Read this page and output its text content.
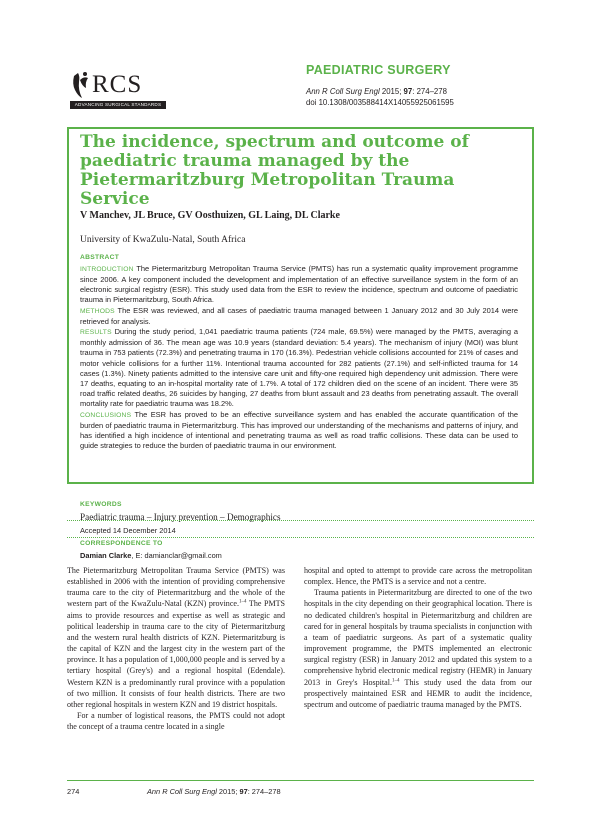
RCS
ADVANCING SURGICAL STANDARDS
PAEDIATRIC SURGERY
Ann R Coll Surg Engl 2015; 97: 274–278
doi 10.1308/003588414X14055925061595
The incidence, spectrum and outcome of paediatric trauma managed by the Pietermaritzburg Metropolitan Trauma Service
V Manchev, JL Bruce, GV Oosthuizen, GL Laing, DL Clarke
University of KwaZulu-Natal, South Africa
ABSTRACT

INTRODUCTION The Pietermaritzburg Metropolitan Trauma Service (PMTS) has run a systematic quality improvement programme since 2006. A key component included the development and implementation of an effective surveillance system in the form of an electronic surgical registry (ESR). This study used data from the ESR to review the incidence, spectrum and outcome of paediatric trauma in Pietermaritzburg, South Africa.

METHODS The ESR was reviewed, and all cases of paediatric trauma managed between 1 January 2012 and 30 July 2014 were retrieved for analysis.

RESULTS During the study period, 1,041 paediatric trauma patients (724 male, 69.5%) were managed by the PMTS, averaging a monthly admission of 36. The mean age was 10.9 years (standard deviation: 5.4 years). The mechanism of injury (MOI) was blunt trauma in 753 patients (72.3%) and penetrating trauma in 170 (16.3%). Pedestrian vehicle collisions accounted for 21% of cases and motor vehicle collisions for a further 11%. Intentional trauma accounted for 282 patients (27.1%) and self-inflicted trauma for 14 cases (1.3%). Ninety patients admitted to the intensive care unit and fifty-one required high dependency unit admission. There were 17 deaths, equating to an in-hospital mortality rate of 1.7%. A total of 172 children died on the scene of an incident. There were 35 road traffic related deaths, 26 suicides by hanging, 27 deaths from blunt assault and 23 deaths from penetrating assault. The overall mortality rate for paediatric trauma was 18.2%.

CONCLUSIONS The ESR has proved to be an effective surveillance system and has enabled the accurate quantification of the burden of paediatric trauma in Pietermaritzburg. This has improved our understanding of the mechanisms and patterns of injury, and has identified a high incidence of intentional and penetrating trauma as well as road traffic collisions. These data can be used to guide strategies to reduce the burden of paediatric trauma in our environment.

KEYWORDS
Paediatric trauma – Injury prevention – Demographics
Accepted 14 December 2014
CORRESPONDENCE TO
Damian Clarke, E: damianclar@gmail.com

The Pietermaritzburg Metropolitan Trauma Service (PMTS) was established in 2006 with the intention of providing comprehensive trauma care to the city of Pietermaritzburg and the whole of the western part of the KwaZulu-Natal (KZN) province.$^{1-4}$ The PMTS aims to provide resources and expertise as well as strategic and political leadership in trauma care to the city of Pietermaritzburg and the western rural health districts of KZN. Pietermaritzburg is the capital of KZN and the largest city in the western part of the province. It has a population of 1,000,000 people and is served by a tertiary hospital (Grey's) and a regional hospital (Edendale). Western KZN is a predominantly rural province with a population of two million. It consists of four health districts. There are two other regional hospitals in western KZN and 19 district hospitals.

For a number of logistical reasons, the PMTS could not adopt the concept of a trauma centre located in a single

hospital and opted to attempt to provide care across the metropolitan complex. Hence, the PMTS is a service and not a centre.

Trauma patients in Pietermaritzburg are directed to one of the two hospitals in the city depending on their geographical location. There is no dedicated children's hospital in Pietermaritzburg and children are cared for in general hospitals by trauma specialists in conjunction with a team of paediatric surgeons. As part of a systematic quality improvement programme, the PMTS implemented an electronic surgical registry (ESR) in January 2012 and updated this system to a comprehensive hybrid electronic medical registry (HEMR) in January 2013 in Grey's Hospital.$^{1-4}$ This study used the data from our prospectively maintained ESR and HEMR to audit the incidence, spectrum and outcome of paediatric trauma managed by the PMTS.

274	Ann R Coll Surg Engl 2015; 97: 274–278
